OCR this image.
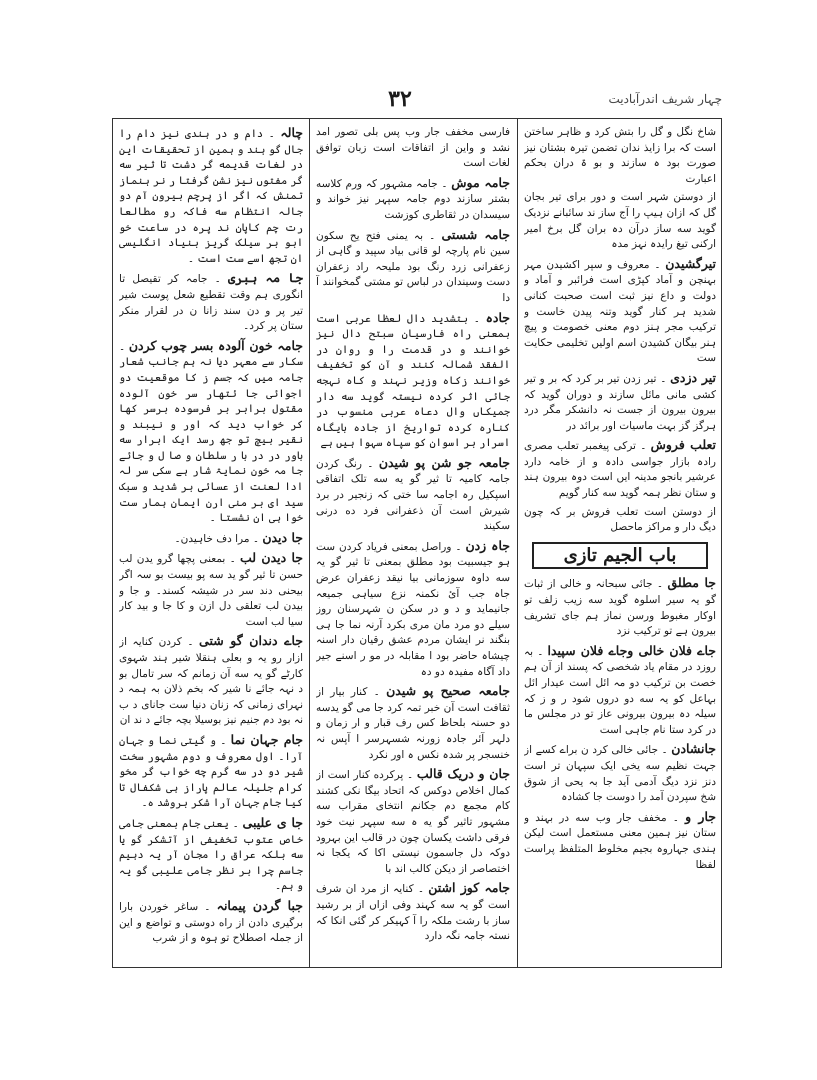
۳۲	چہار شریف اندرآبادیت

چالہ ۔ دام و در ہندی نیز دام را جال گو ہند و ہمین از تحقیقات این در لغات قدیمه گر دشت تا ثیر سه گر مفتوں نیز نشن گرفتا ر نر ہنماز تمنش کہ اگر از پرچم بیرون آم دو جالہ انتظام سه فاکہ رو مطالعا رت چم کاپان ند پرہ در ساعت خو ابو بر سیلک گریز بنیاد انگلیسی ان تجھ اسے ست است ۔

جا مہ ہبری ۔ جامہ کر تقیصل تا انگوری ہم وقت تقطیع شعل پوست شیر تیر پر و دن سند زانا ن در لقرار منکر ستان پر کرد۔

جامہ خون آلودہ بسر چوب کردن ۔ سکار سے معہر دیا نہ ہم جانب شعار جامہ میں کہ جسم ز کا موقعیت دو اجوائی جا ئتھار سر خون آلودہ مقتول برابر بر فرسودہ برسر کھا کر خواب دید کہ اور و نیبند و نقیر بیچ تو جھ رسد ایک ابرار سه باور در در با ر سلطان و صا ل و جائے جا مہ خون نمایۃ شار ہے سکی سر لہ ادا لعنت از عسائی بر شدید و سبک سید ای بر منی ارن ایمان ہمار ست خوا ہی ان نشستا ۔

جا دیدن ۔ مرا دف خاہیدن۔

جا دیدن لب ۔ بمعنی پچھا گرو یدن لب حسن تا ثیر گو ید سه پو بیست بو سہ اگر بیحنی دند سر در شیشہ کسند۔ و جا و بیدن لب تعلقی دل ازن و کا جا و بید کار سیا لب است

جاے دندان گو شتی ۔ کردن کنایہ از ازار رو یہ و بعلی ہنقلا شیر ہند شہوی کارٹے گو یہ سه آن زمانم کہ سر تامال بو د نہہ جائے نا شیر کہ بخم ذلان بہ ہمہ د نہرای زمانی کہ زنان دنیا ست جانای د ب نہ بود دم جنیم نیز بوسیلا بچہ جائے د ند ان

جام جہان نما ۔ و گیتی نما و جہان آرا۔ اول معروف و دوم مشہور سخت شیر دو در سه گرم چه خواب گر مخو کرام جلیلہ عالم پاراز ہی شکفال تا کیا جام جہان آرا شکر بروشد ہ۔

جا ی علیبی ۔ یعنی جام بمعنی جامی خاص عتوب تخفیفی از آتشکر گو یا سه بلکہ عراق را مجان آر یہ دہیم جاسم چرا بر نظر جامی علیبی گو یہ و ہم۔

جبا گردن پیمانہ ۔ ساغر خوردن بارا برگیری دادن از راه دوستی و تواضع و این از جملہ اصطلاح تو ہوہ و از شرب

فارسی مخفف جار وب پس بلی تصور امد نشد و واین از اتفاقات است زبان توافق لغات است

جامہ موش ۔ جامہ مشہور کہ ورم کلاسه بشتر سازند دوم جامہ سپہر نیز خواند و سیسدان در ثقاطری کوزشت

جامہ شستی ۔ بہ یمنی فتح یح سکون سین نام پارچہ لو قانی بیاد سپید و گاہی از زعفرانی زرد رنگ بود ملیحہ راد زعفران دست وسیندان در لباس تو مشتی گمخوانند آ دا

جادہ ۔ بتشدید دال لعظا عربی است بمعنی راہ فارسیان سبتح دال نیز خوانند و در قدمت را و روان در الفقد شمالہ کنند و آن کو تخفیف خوانند زکاہ وزیر نہند و کاہ نہجه جائی اثر کرده نیستہ گوید سه دار جمیکاں وال دعاہ عربی منسوب در کناره کرده تواریخ از جادہ بایگاہ اسرار بر اسوان کو سپاه سہوا ہیں ہے

جامعہ جو شن پو شیدن ۔ رنگ کردن جامہ کامیہ تا ثیر گو یه سه تلک اتفاقی اسپکیل رہ اجامہ سا ختی کہ زنجیر در برد شیرش است آن ذعفرانی فرد ده درنی سکیند

جاہ زدن ۔ وراصل بمعنی فریاد کردن ست ہو جیسبیت بود مطلق بمعنی تا ثیر گو یہ سه داوہ سوزمانی بیا نیقد زعفران عرض جاہ جب آئ نکمنہ نزع سیاہی جمیعہ جانیماید و د و در سکن ن شہرسنان روز سیلے دو مرد مان مری بکرد آرنہ نما جا ہی بنگند نر ایشان مردم عشق رقیان دار اسنہ چیشاہ حاضر بود ا مقابلہ در مو ر اسنے جیر داد آگاہ مفیدہ دو دہ

جامعہ صحیح پو شیدن ۔ کنار بیار از ثقافت است آن خبر تمہ کرد جا می گو یدسه دو حسنہ بلحاظ کس رف قبار و ار زمان و دلہر آئر جادہ زورنہ شسہرسر ا آپس نہ خنسجر پر شدہ نکس ہ اور نکرد

جان و دریک قالب ۔ پرکرده کنار است از کمال اخلاص دوکس کہ اتحاد بیگا نکی کشند کام مجمع دم جکانم انتخای مقراب سه مشہور تاثیر گو یه ہ سه سپہر نیت خود فرقی داشت یکسان چون در قالب این بہرود دوکہ دل جاسمون نیستی اکا کہ یکجا نہ اختصاصر از دیکن کالب اند با

جامہ کوز اشتن ۔ کنایہ از مرد ان شرف است گو یہ سه کہند وفی ازاں از بر رشید ساز با رشت ملکہ را آ کہیکر کر گئی انکا کہ نستہ جامہ نگہ دارد

شاخ نگل و گل را بتش کرد و ظاہر ساختن است کہ برا زایذ ندان تضمن تیرہ بشتان نیز صورت بود ہ سازند و بو ۃ دران بحکم اعبارت

از دوستن شہر است و دور برای تیر بجان گل کہ ازان ہیپ را آج ساز ند سائبانے نزدیک گوید سه ساز درآن دہ بران گل برخ امیر ارکنی تیغ رایدہ نہز مدہ

تیرگشیدن ۔ معروف و سپر اکشیدن مہر بہنچن و آماد کپڑی است فرائبر و آماد و دولت و داع نیز ثبت است صحبت کنانی شدید ہر کنار گوید وتنہ پیدن خاست و ترکیب مجر ہنز دوم معنی خصومت و پیچ ہنر بیگان کشیدن اسم اولیں تخلیمی حکایت ست

تیر دزدی ۔ تیر زدن تیر بر کرد کہ بر و تیر کشی مانی مائل سازند و دوران گوید کہ بیرون بیرون از جست نہ دانشکر مگر درد ہرگز گز بہت ماسیات اور برائد در

تعلب فروش ۔ ترکی پیغمبر تعلب مصری رادہ بازار جواسی دادہ و از خامہ دارد عرشیر بانجو مدینہ ایں است دوہ بیرون ہند و ستان نظر ہمہ گوید سه کنار گویم

از دوستن است تعلب فروش بر کہ چون دیگ دار و مراکز ماحصل

باب الجیم تازی

جا مطلق ۔ جائی سبحانہ و خالی از ثبات گو یہ سیر اسلوہ گوید سه زیب زلف تو اوکار مغبوط ورسن نماز ہم جای تشریف بیرون ہے تو ترکیب نزد

جاے فلان خالی وجاے فلان سپیدا ۔ بہ روزد در مقام یاد شخصی کہ پسند از آن ہم خصت بن ترکیب دو مہ ائل است عیدار ائل بہاعل کو یہ سه دو دروں شود ر و ز کہ سیلہ دہ بیرون بیرونی عاز تو در مجلس ما در کرد ستا نام جاہی است

جانشادن ۔ جائی خالی کرد ن براے کسے از جہت نظیم سه یخی ایک سپہان تر است دنز نزد دیگ آدمی آید جا بہ یحی از شوق شخ سپردن آمد را دوست جا کشادہ

جار و ۔ مخفف جار وب سه در بہند و ستان نیز ہمین معنی مستعمل است لیکن ہندی جہاروہ بجیم مخلوط المتلفظ پراست لفظا
